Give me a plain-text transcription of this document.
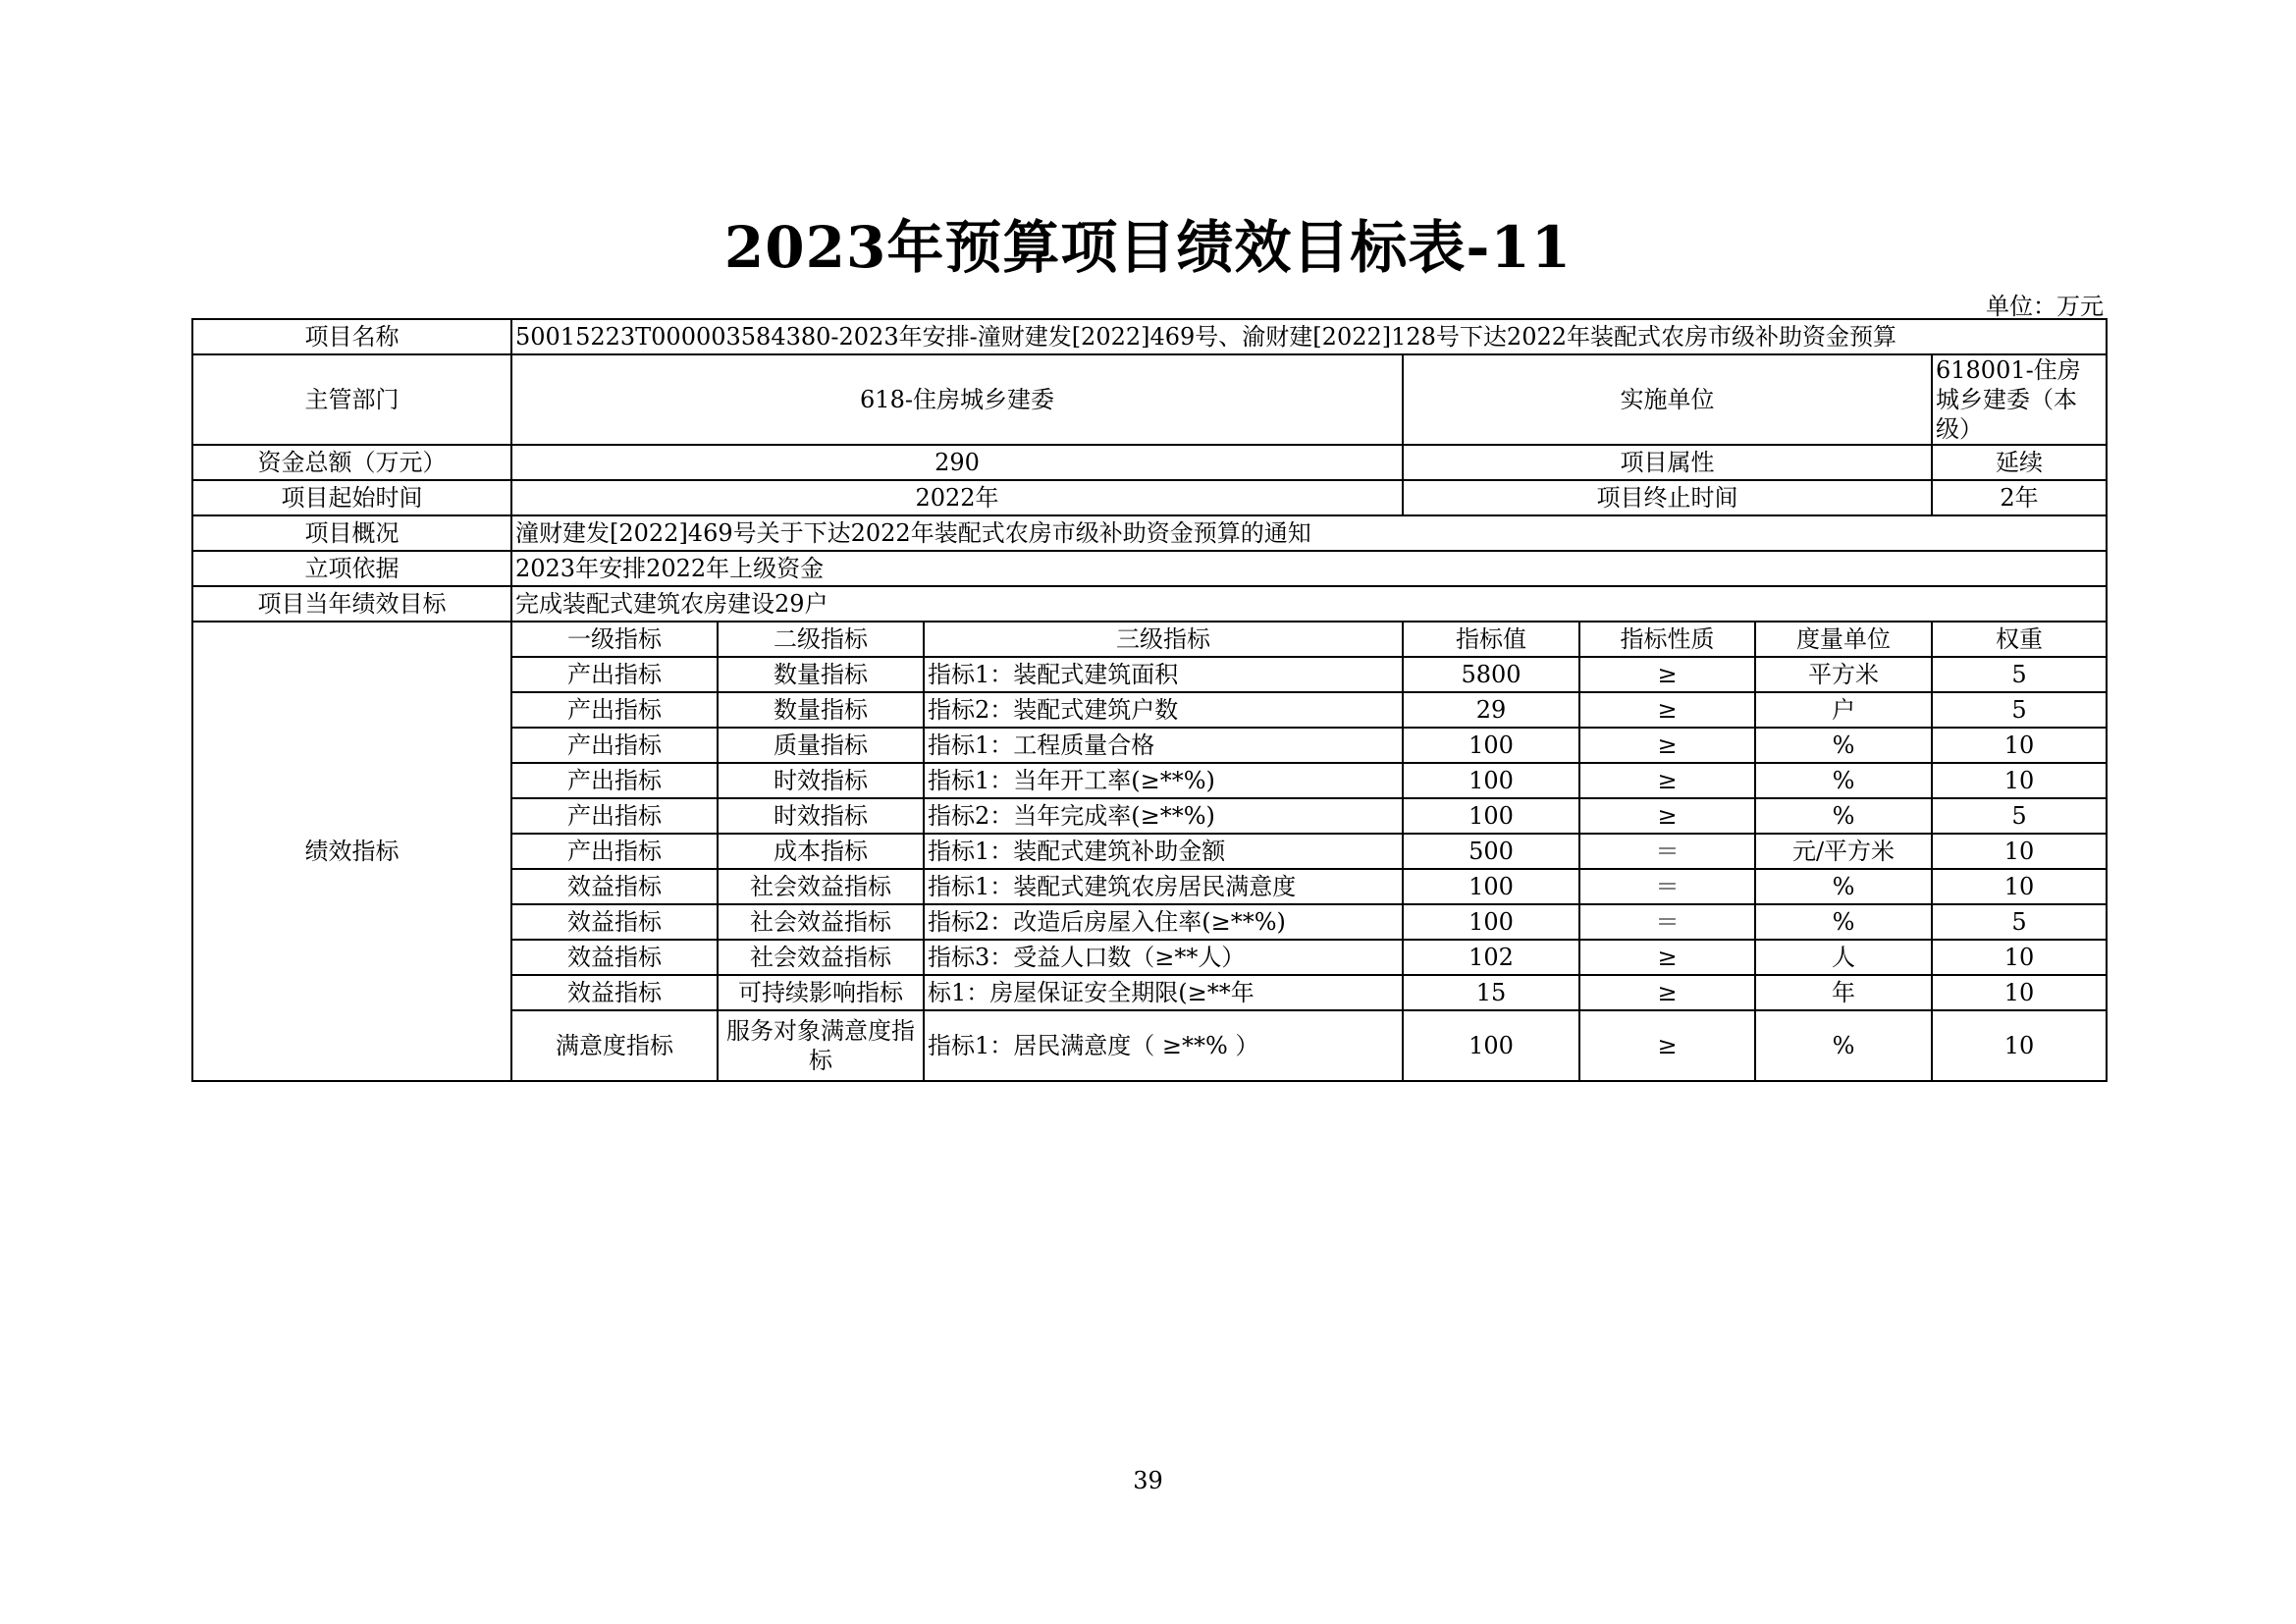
2023年预算项目绩效目标表-11
单位：万元
项目名称	50015223T000003584380-2023年安排-潼财建发[2022]469号、渝财建[2022]128号下达2022年装配式农房市级补助资金预算						
主管部门	618-住房城乡建委			实施单位			618001-住房城乡建委（本级）
资金总额（万元）	290			项目属性			延续
项目起始时间	2022年			项目终止时间			2年
项目概况	潼财建发[2022]469号关于下达2022年装配式农房市级补助资金预算的通知						
立项依据	2023年安排2022年上级资金						
项目当年绩效目标	完成装配式建筑农房建设29户						
绩效指标	一级指标	二级指标	三级指标	指标值	指标性质	度量单位	权重
	产出指标	数量指标	指标1：装配式建筑面积	5800	≥	平方米	5
	产出指标	数量指标	指标2：装配式建筑户数	29	≥	户	5
	产出指标	质量指标	指标1：工程质量合格	100	≥	%	10
	产出指标	时效指标	指标1：当年开工率(≥**%)	100	≥	%	10
	产出指标	时效指标	指标2：当年完成率(≥**%)	100	≥	%	5
	产出指标	成本指标	指标1：装配式建筑补助金额	500	＝	元/平方米	10
	效益指标	社会效益指标	指标1：装配式建筑农房居民满意度	100	＝	%	10
	效益指标	社会效益指标	指标2：改造后房屋入住率(≥**%)	100	＝	%	5
	效益指标	社会效益指标	指标3：受益人口数（≥**人）	102	≥	人	10
	效益指标	可持续影响指标	标1：房屋保证安全期限(≥**年	15	≥	年	10
	满意度指标	服务对象满意度指标	指标1：居民满意度（ ≥**% ）	100	≥	%	10
39
